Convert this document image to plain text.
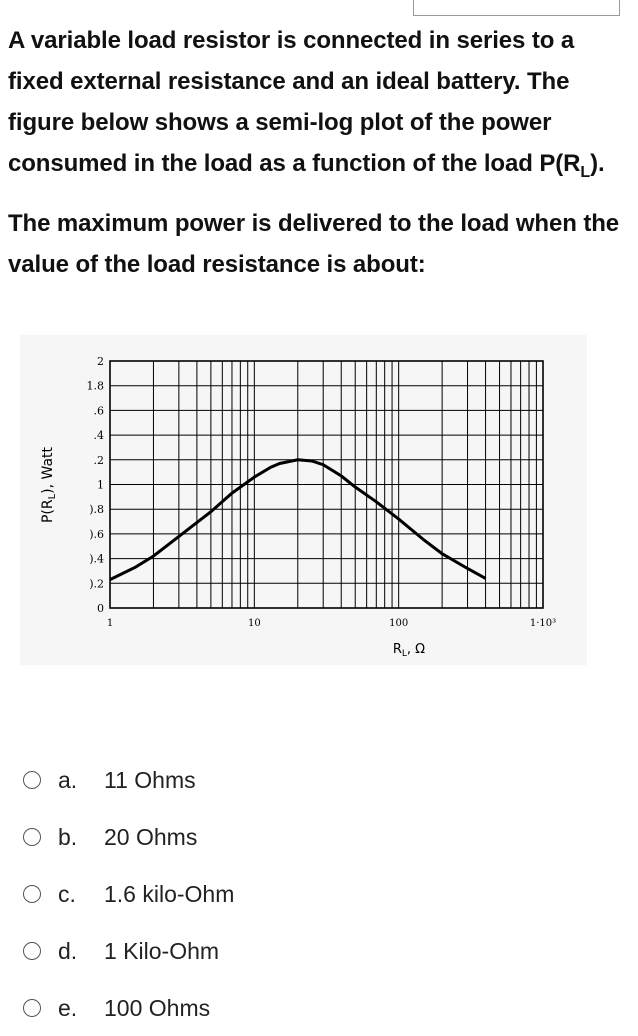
A variable load resistor is connected in series to a fixed external resistance and an ideal battery. The figure below shows a semi-log plot of the power consumed in the load as a function of the load $P(R_L)$.

The maximum power is delivered to the load when the value of the load resistance is about:

0
).2
).4
).6
).8
1
.2
.4
.6
1.8
2
1	10	100	1·10³
$P(R_L)$, Watt
$R_L$, Ω
a. 11 Ohms
b. 20 Ohms
c. 1.6 kilo-Ohm
d. 1 Kilo-Ohm
e. 100 Ohms
